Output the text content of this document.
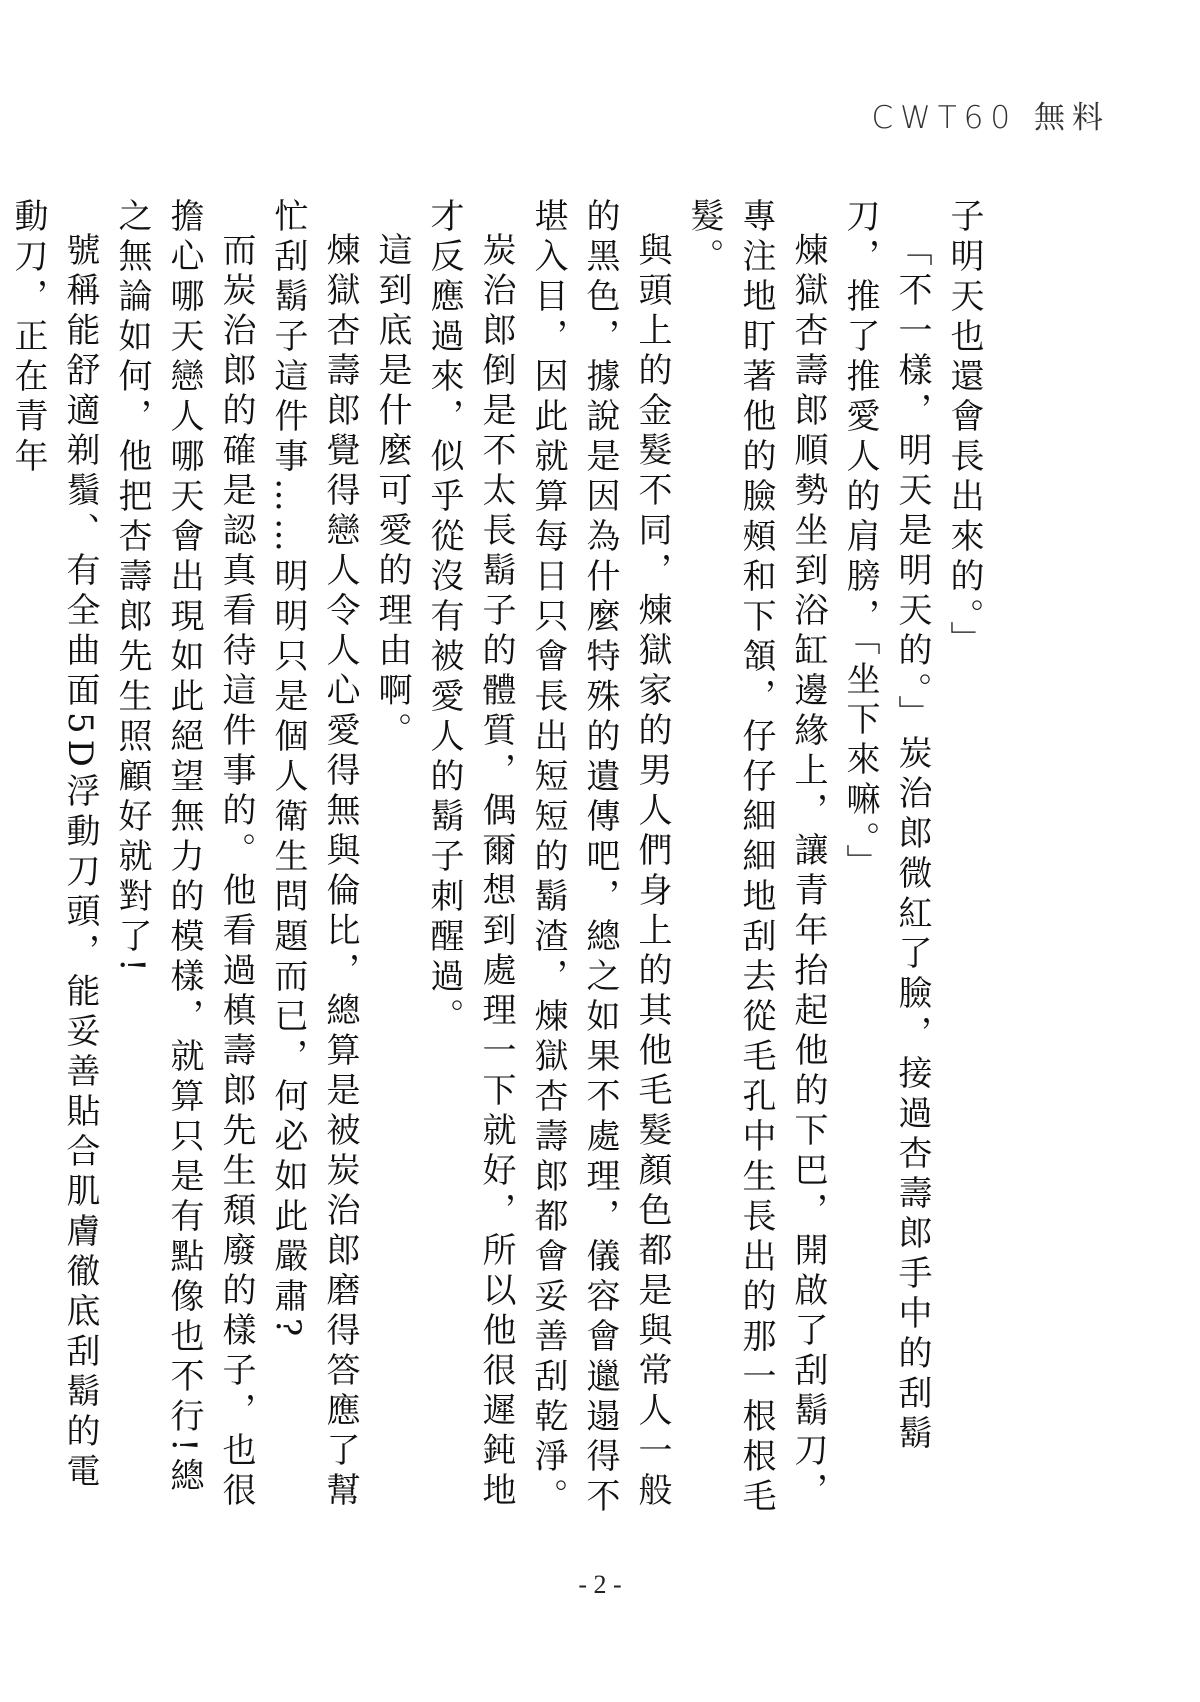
CWT60 無料

子明天也還會長出來的。」

「不一樣，明天是明天的。」炭治郎微紅了臉，接過杏壽郎手中的刮鬍刀，推了推愛人的肩膀，「坐下來嘛。」

煉獄杏壽郎順勢坐到浴缸邊緣上，讓青年抬起他的下巴，開啟了刮鬍刀，專注地盯著他的臉頰和下頷，仔仔細細地刮去從毛孔中生長出的那一根根毛髮。

與頭上的金髮不同，煉獄家的男人們身上的其他毛髮顏色都是與常人一般的黑色，據說是因為什麼特殊的遺傳吧，總之如果不處理，儀容會邋遢得不堪入目，因此就算每日只會長出短短的鬍渣，煉獄杏壽郎都會妥善刮乾淨。

炭治郎倒是不太長鬍子的體質，偶爾想到處理一下就好，所以他很遲鈍地才反應過來，似乎從沒有被愛人的鬍子刺醒過。

這到底是什麼可愛的理由啊。

煉獄杏壽郎覺得戀人令人心愛得無與倫比，總算是被炭治郎磨得答應了幫忙刮鬍子這件事……明明只是個人衛生問題而已，何必如此嚴肅?

而炭治郎的確是認真看待這件事的。他看過槙壽郎先生頹廢的樣子，也很擔心哪天戀人哪天會出現如此絕望無力的模樣，就算只是有點像也不行!總之無論如何，他把杏壽郎先生照顧好就對了!

號稱能舒適剃鬚、有全曲面5D浮動刀頭，能妥善貼合肌膚徹底刮鬍的電動刀，正在青年

- 2 -
